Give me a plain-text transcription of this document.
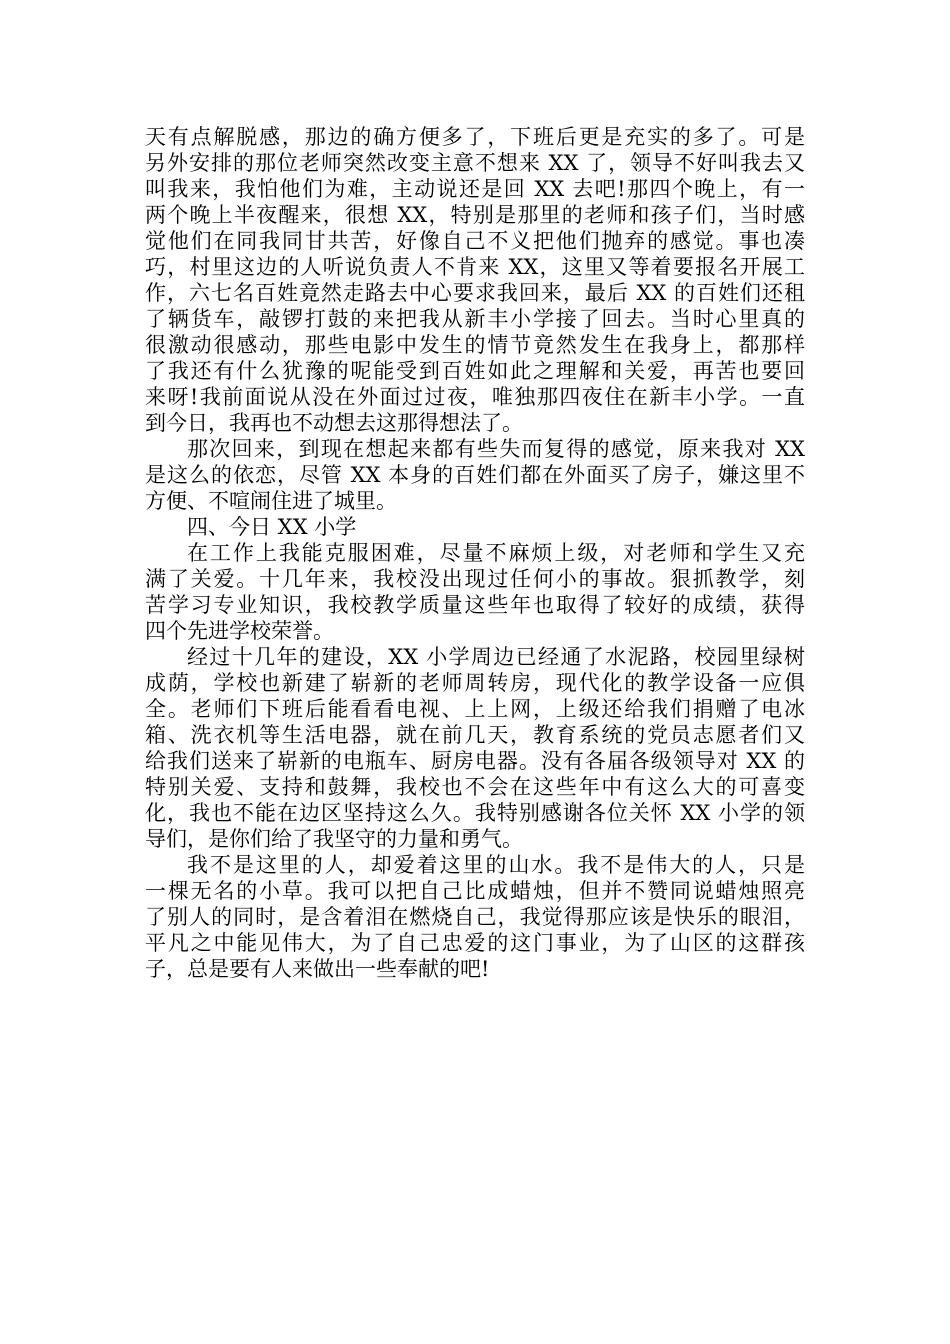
天有点解脱感，那边的确方便多了，下班后更是充实的多了。可是
另外安排的那位老师突然改变主意不想来 XX 了，领导不好叫我去又
叫我来，我怕他们为难，主动说还是回 XX 去吧!那四个晚上，有一
两个晚上半夜醒来，很想 XX，特别是那里的老师和孩子们，当时感
觉他们在同我同甘共苦，好像自己不义把他们抛弃的感觉。事也凑
巧，村里这边的人听说负责人不肯来 XX，这里又等着要报名开展工
作，六七名百姓竟然走路去中心要求我回来，最后 XX 的百姓们还租
了辆货车，敲锣打鼓的来把我从新丰小学接了回去。当时心里真的
很激动很感动，那些电影中发生的情节竟然发生在我身上，都那样
了我还有什么犹豫的呢能受到百姓如此之理解和关爱，再苦也要回
来呀!我前面说从没在外面过过夜，唯独那四夜住在新丰小学。一直
到今日，我再也不动想去这那得想法了。
那次回来，到现在想起来都有些失而复得的感觉，原来我对 XX
是这么的依恋，尽管 XX 本身的百姓们都在外面买了房子，嫌这里不
方便、不喧闹住进了城里。
四、今日 XX 小学
在工作上我能克服困难，尽量不麻烦上级，对老师和学生又充
满了关爱。十几年来，我校没出现过任何小的事故。狠抓教学，刻
苦学习专业知识，我校教学质量这些年也取得了较好的成绩，获得
四个先进学校荣誉。
经过十几年的建设，XX 小学周边已经通了水泥路，校园里绿树
成荫，学校也新建了崭新的老师周转房，现代化的教学设备一应俱
全。老师们下班后能看看电视、上上网，上级还给我们捐赠了电冰
箱、洗衣机等生活电器，就在前几天，教育系统的党员志愿者们又
给我们送来了崭新的电瓶车、厨房电器。没有各届各级领导对 XX 的
特别关爱、支持和鼓舞，我校也不会在这些年中有这么大的可喜变
化，我也不能在边区坚持这么久。我特别感谢各位关怀 XX 小学的领
导们，是你们给了我坚守的力量和勇气。
我不是这里的人，却爱着这里的山水。我不是伟大的人，只是
一棵无名的小草。我可以把自己比成蜡烛，但并不赞同说蜡烛照亮
了别人的同时，是含着泪在燃烧自己，我觉得那应该是快乐的眼泪，
平凡之中能见伟大，为了自己忠爱的这门事业，为了山区的这群孩
子，总是要有人来做出一些奉献的吧!
